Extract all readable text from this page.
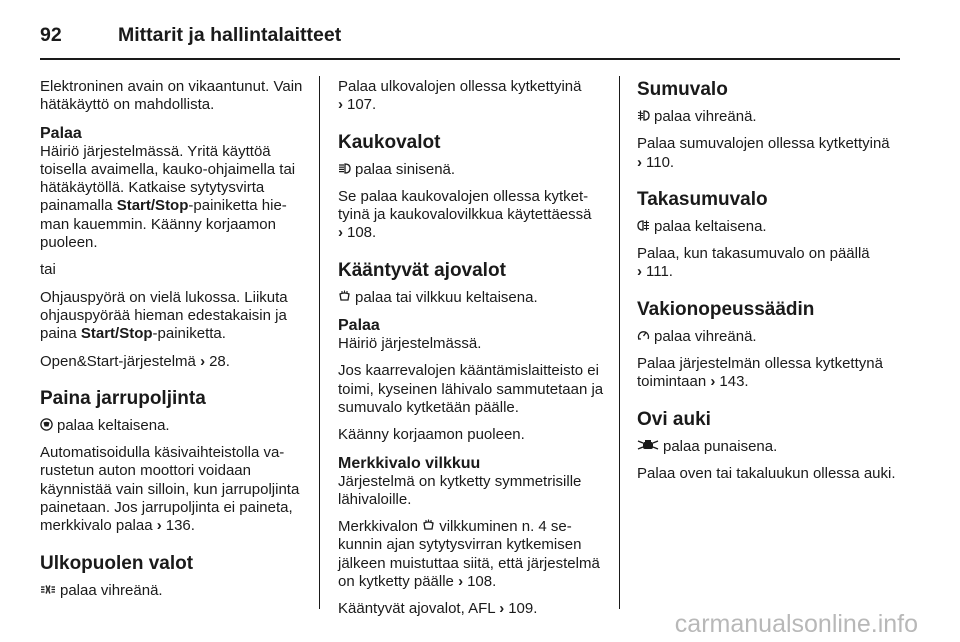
92	Mittarit ja hallintalaitteet

Elektroninen avain on vikaantunut. Vain hätäkäyttö on mahdollista.

Palaa

Häiriö järjestelmässä. Yritä käyttöä toisella avaimella, kauko-ohjaimella tai hätäkäytöllä. Katkaise sytytysvirta painamalla Start/Stop-painiketta hieman kauemmin. Käänny korjaamon puoleen.

tai

Ohjauspyörä on vielä lukossa. Liikuta ohjauspyörää hieman edestakaisin ja paina Start/Stop-painiketta.

Open&Start-järjestelmä › 28.

Paina jarrupoljinta

palaa keltaisena.

Automatisoidulla käsivaihteistolla varustetun auton moottori voidaan käynnistää vain silloin, kun jarrupoljinta painetaan. Jos jarrupoljinta ei paineta, merkkivalo palaa › 136.

Ulkopuolen valot

palaa vihreänä.

Palaa ulkovalojen ollessa kytkettyinä › 107.

Kaukovalot

palaa sinisenä.

Se palaa kaukovalojen ollessa kytkettyinä ja kaukovalovilkkua käytettäessä › 108.

Kääntyvät ajovalot

palaa tai vilkkuu keltaisena.

Palaa

Häiriö järjestelmässä.

Jos kaarrevalojen kääntämislaitteisto ei toimi, kyseinen lähivalo sammutetaan ja sumuvalo kytketään päälle.

Käänny korjaamon puoleen.

Merkkivalo vilkkuu

Järjestelmä on kytketty symmetrisille lähivaloille.

Merkkivalon vilkkuminen n. 4 sekunnin ajan sytytysvirran kytkemisen jälkeen muistuttaa siitä, että järjestelmä on kytketty päälle › 108.

Kääntyvät ajovalot, AFL › 109.

Sumuvalo

palaa vihreänä.

Palaa sumuvalojen ollessa kytkettyinä › 110.

Takasumuvalo

palaa keltaisena.

Palaa, kun takasumuvalo on päällä › 111.

Vakionopeussäädin

palaa vihreänä.

Palaa järjestelmän ollessa kytkettynä toimintaan › 143.

Ovi auki

palaa punaisena.

Palaa oven tai takaluukun ollessa auki.

carmanualsonline.info
